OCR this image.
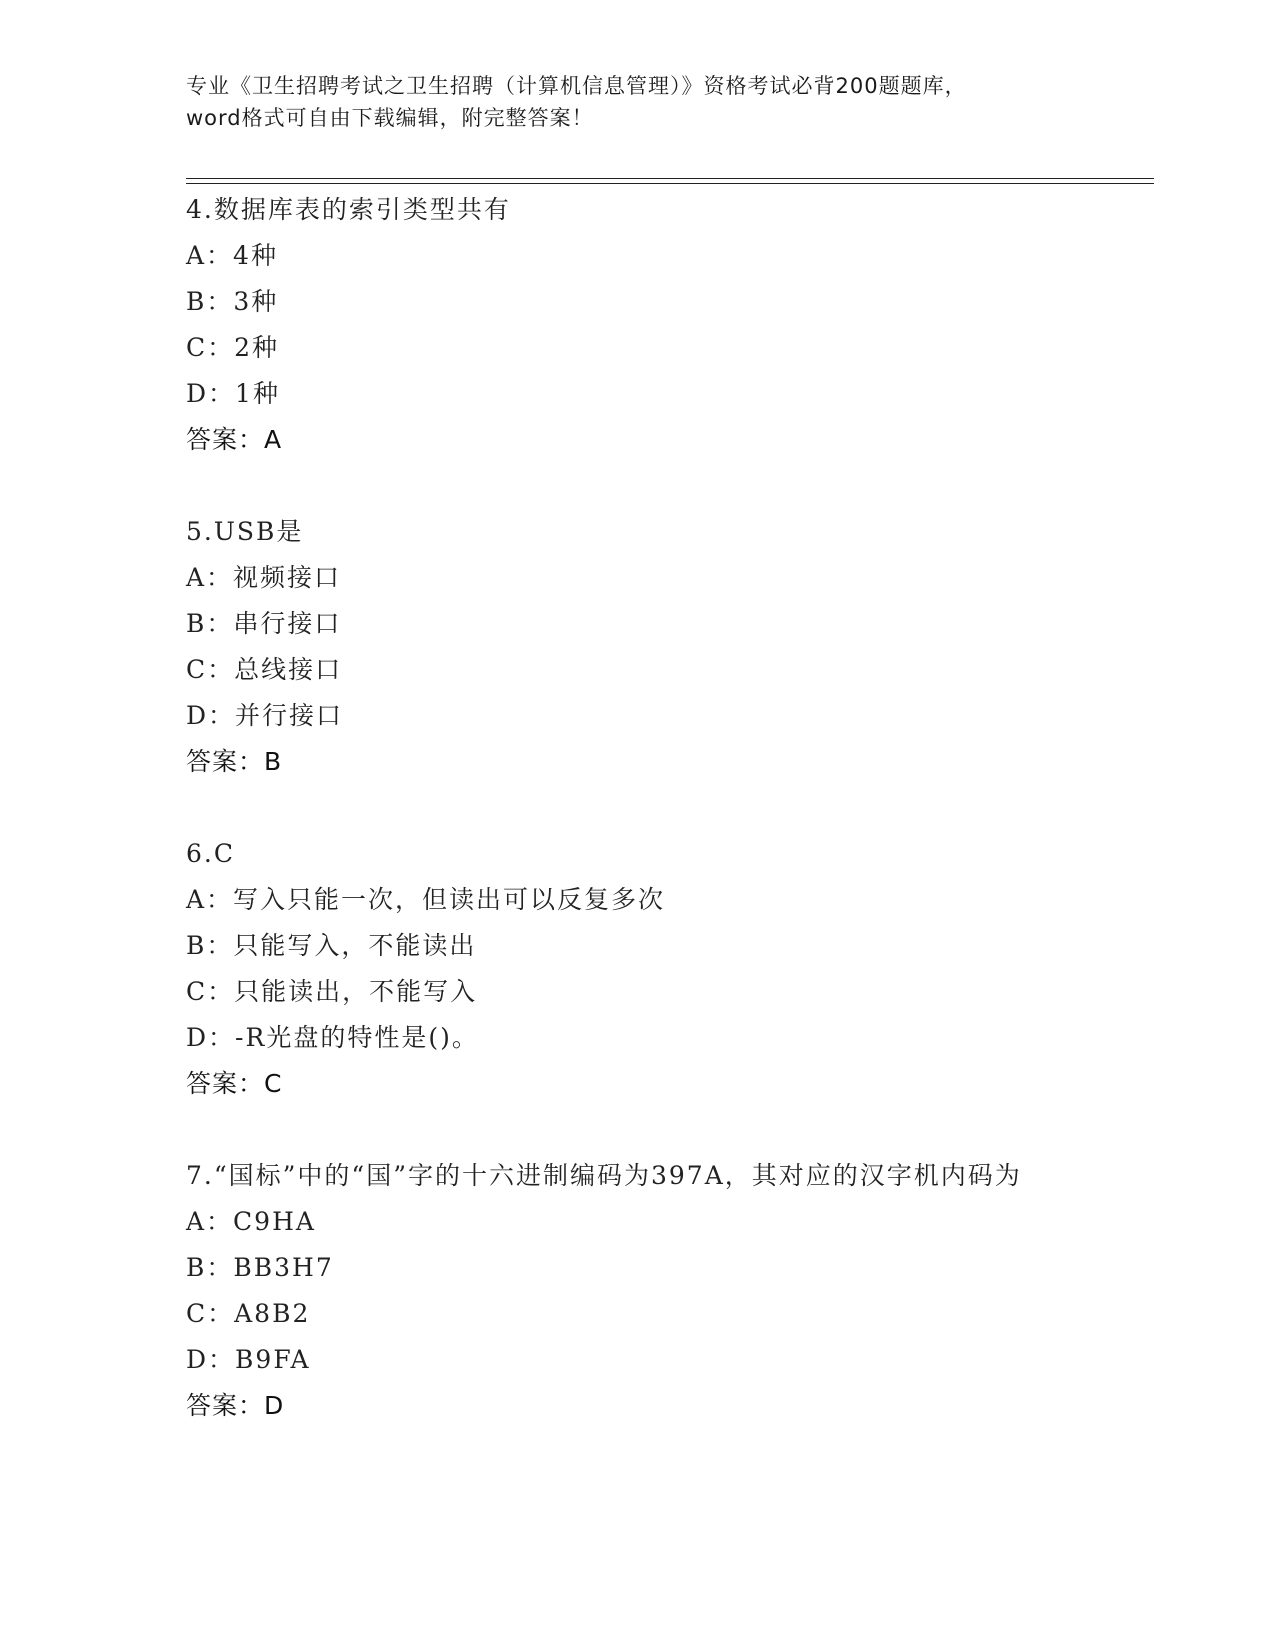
专业《卫生招聘考试之卫生招聘（计算机信息管理）》资格考试必背200题题库，
word格式可自由下载编辑，附完整答案！
4.数据库表的索引类型共有
A：4种
B：3种
C：2种
D：1种
答案：A
5.USB是
A：视频接口
B：串行接口
C：总线接口
D：并行接口
答案：B
6.C
A：写入只能一次，但读出可以反复多次
B：只能写入，不能读出
C：只能读出，不能写入
D：-R光盘的特性是()。
答案：C
7.“国标”中的“国”字的十六进制编码为397A，其对应的汉字机内码为
A：C9HA
B：BB3H7
C：A8B2
D：B9FA
答案：D
